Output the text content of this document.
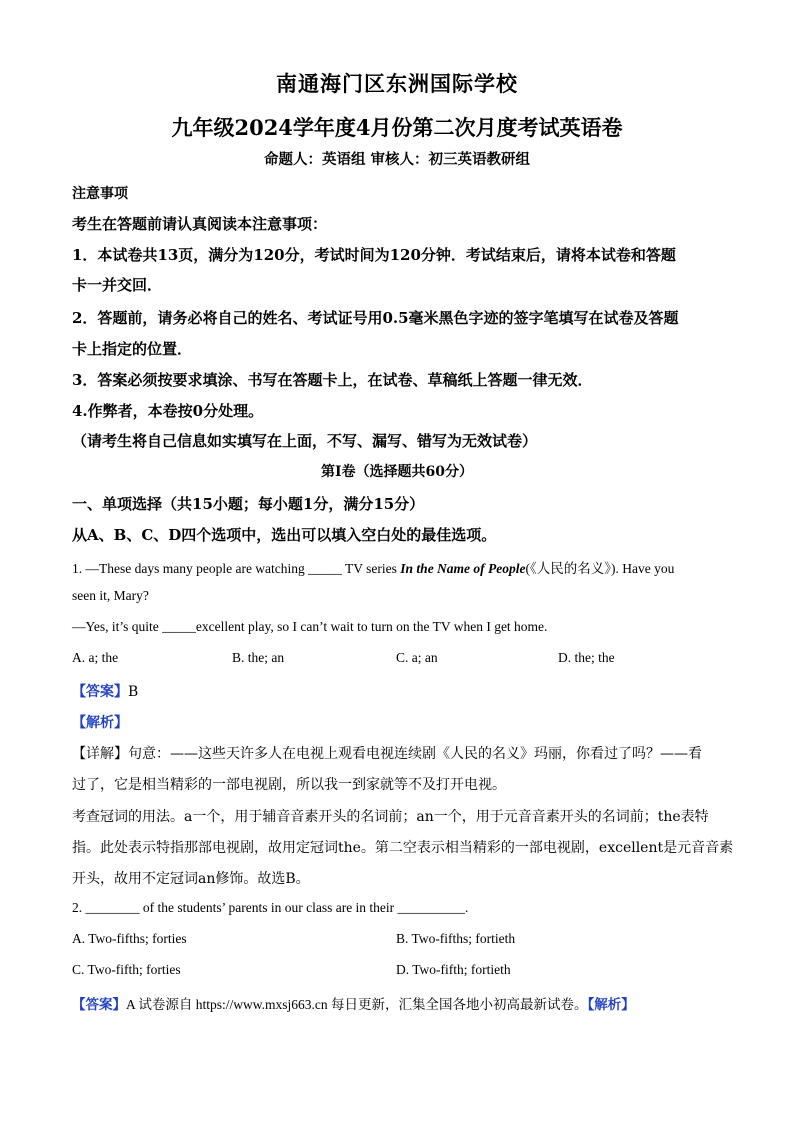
南通海门区东洲国际学校
九年级2024学年度4月份第二次月度考试英语卷
命题人：英语组 审核人：初三英语教研组
注意事项
考生在答题前请认真阅读本注意事项：
1．本试卷共13页，满分为120分，考试时间为120分钟．考试结束后，请将本试卷和答题
卡一并交回．
2．答题前，请务必将自己的姓名、考试证号用0.5毫米黑色字迹的签字笔填写在试卷及答题
卡上指定的位置．
3．答案必须按要求填涂、书写在答题卡上，在试卷、草稿纸上答题一律无效．
4.作弊者，本卷按0分处理。
（请考生将自己信息如实填写在上面，不写、漏写、错写为无效试卷）
第Ⅰ卷（选择题共60分）
一、单项选择（共15小题；每小题1分，满分15分）
从A、B、C、D四个选项中，选出可以填入空白处的最佳选项。
1. —These days many people are watching _____ TV series In the Name of People(《人民的名义》). Have you
seen it, Mary?
—Yes, it’s quite _____excellent play, so I can’t wait to turn on the TV when I get home.
A. a; the	B. the; an	C. a; an	D. the; the
【答案】B
【解析】
【详解】句意：——这些天许多人在电视上观看电视连续剧《人民的名义》玛丽，你看过了吗？——看
过了，它是相当精彩的一部电视剧，所以我一到家就等不及打开电视。
考查冠词的用法。a一个，用于辅音音素开头的名词前；an一个，用于元音音素开头的名词前；the表特
指。此处表示特指那部电视剧，故用定冠词the。第二空表示相当精彩的一部电视剧，excellent是元音音素
开头，故用不定冠词an修饰。故选B。
2. ________ of the students’ parents in our class are in their __________.
A. Two-fifths; forties	B. Two-fifths; fortieth
C. Two-fifth; forties	D. Two-fifth; fortieth
【答案】A 试卷源自 https://www.mxsj663.cn 每日更新，汇集全国各地小初高最新试卷。【解析】
